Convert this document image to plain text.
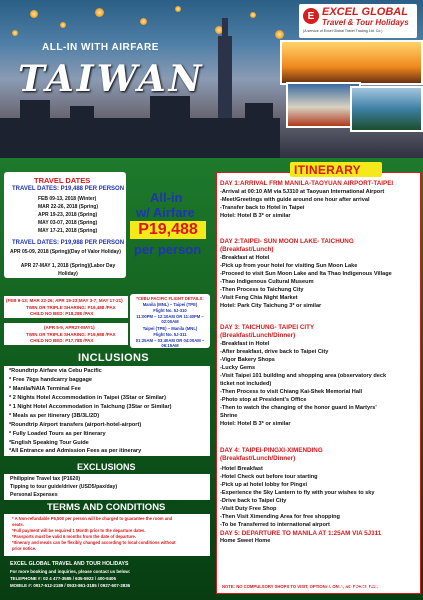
E EXCEL GLOBAL
Travel & Tour Holidays
(A service of Excel Global Travel Trading Ltd. Co.)
ALL-IN WITH AIRFARE
TAIWAN
TRAVEL DATES
TRAVEL DATES: P19,488 PER PERSON
FEB 09-13, 2018 (Winter)
MAR 22-26, 2018 (Spring)
APR 19-23, 2018 (Spring)
MAY 03-07, 2018 (Spring)
MAY 17-21, 2018 (Spring)
TRAVEL DATES: P19,988 PER PERSON
APR 05-09, 2018 (Spring)(Day of Valor Holiday)
APR 27-MAY 1, 2018 (Spring)(Labor Day Holiday)
All-in
w/ Airfare
P19,488
per person
(FEB 9-13; MAR 22-26; APR 19-23;MAY 3-7; MAY 17-21)
TWIN OR TRIPLE SHARING: P19,488 /PAX
CHILD NO BED: P18,288 /PAX
(APR 5-9, APR27-MAY1)
TWIN OR TRIPLE SHARING: P19,988 /PAX
CHILD NO BED: P17,788 /PAX
*CEBU PACIFIC FLIGHT DETAILS:
Manila (MNL) – Taipei (TPE)
Flight No. 5J-310
11:00PM – 12:10AM OR 11:40PM – 02:00AM
Taipei (TPE) – Manila (MNL)
Flight No. 5J-311
01:25AM – 03:40AM OR 04:00AM – 06:15AM
INCLUSIONS
*Roundtrip Airfare via Cebu Pacific
* Free 7kgs handcarry baggage
* Manila/NAIA Terminal Fee
* 2 Nights Hotel Accommodation in Taipei (3Star or Similar)
* 1 Night Hotel Accommodation in Taichung (3Star or Similar)
* Meals as per itinerary (3B/3L/2D)
*Roundtrip Airport transfers (airport-hotel-airport)
* Fully Loaded Tours as per Itinerary
*English Speaking Tour Guide
*All Entrance and Admission Fees as per itinerary
EXCLUSIONS
Philippine Travel tax (P1620)
Tipping to tour guide/driver (USD5/pax/day)
Personal Expenses
TERMS AND CONDITIONS
* A Non-refundable P6,500 per person will be charged to guarantee the room and
seats.
*Full payment will be required 1 Month prior to the departure dates.
*Passports must be valid 6 months from the date of departure.
*Itinerary and meals can be flexibly changed according to local conditions without
prior notice.
EXCEL GLOBAL TRAVEL AND TOUR HOLIDAYS
For more booking and inquiries, please contact us below:
TELEPHONE #: 02 4 477-3585 / 635-5922 / 400-9406
MOBILE #: 0917-512-2189 / 0933-861-3185 / 0927-607-2836
ITINERARY
DAY 1:ARRIVAL FRM MANILA-TAOYUAN AIRPORT-TAIPEI
-Arrival at 00:10 AM via 5J310 at Taoyuan International Airport
-Meet/Greetings with guide around one hour after arrival
-Transfer back to Hotel in Taipei
Hotel: Hotel B 3* or similar
DAY 2:TAIPEI- SUN MOON LAKE- TAICHUNG
(Breakfast/Lunch)
-Breakfast at Hotel
-Pick up from your hotel for visiting Sun Moon Lake
-Proceed to visit Sun Moon Lake and Ita Thao Indigenous Village
-Thao Indigenous Cultural Museum
-Then Process to Taichung City
-Visit Feng Chia Night Market
Hotel: Park City Taichung 3* or similar
DAY 3: TAICHUNG- TAIPEI CITY
(Breakfast/Lunch/Dinner)
-Breakfast in Hotel
-After breakfast, drive back to Taipei City
-Vigor Bakery Shops
-Lucky Gems
-Visit Taipei 101 building and shopping area (observatory deck
ticket not included)
-Then Process to visit Chiang Kai-Shek Memorial Hall
-Photo stop at President's Office
-Then to watch the changing of the honor guard in Martyrs'
Shrine
Hotel: Hotel B 3* or similar
DAY 4: TAIPEI-PINGXI-XIMENDING
(Breakfast/Lunch/Dinner)
-Hotel Breakfast
-Hotel Check out before tour starting
-Pick up at hotel lobby for Pingxi
-Experience the Sky Lantern to fly with your wishes to sky
-Drive back to Taipei City
-Visit Duty Free Shop
-Then Visit Ximending Area for free shopping
-To be Transferred to international airport
DAY 5: DEPARTURE TO MANILA AT 1:25AM VIA 5J311
Home Sweet Home
NOTE: NO COMPULSORY SHOPS TO VISIT, OPTIONAL ONLY, NO FORCE FEE.
PostAds.ph
